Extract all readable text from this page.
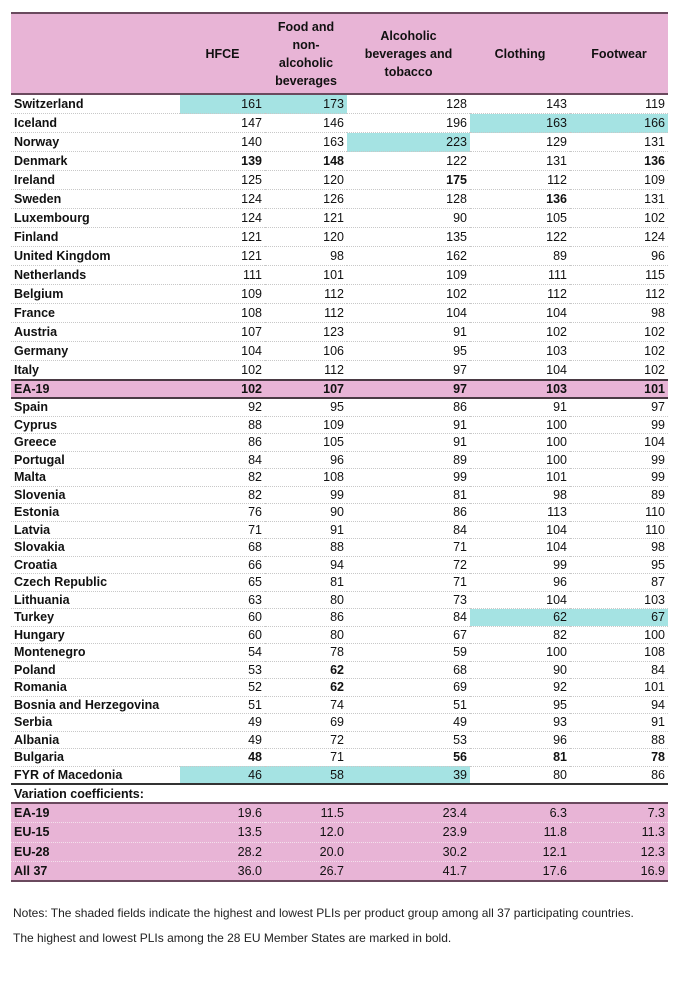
	HFCE	Food and non-alcoholic beverages	Alcoholic beverages and tobacco	Clothing	Footwear
Switzerland	161	173	128	143	119
Iceland	147	146	196	163	166
Norway	140	163	223	129	131
Denmark	139	148	122	131	136
Ireland	125	120	175	112	109
Sweden	124	126	128	136	131
Luxembourg	124	121	90	105	102
Finland	121	120	135	122	124
United Kingdom	121	98	162	89	96
Netherlands	111	101	109	111	115
Belgium	109	112	102	112	112
France	108	112	104	104	98
Austria	107	123	91	102	102
Germany	104	106	95	103	102
Italy	102	112	97	104	102
EA-19	102	107	97	103	101
Spain	92	95	86	91	97
Cyprus	88	109	91	100	99
Greece	86	105	91	100	104
Portugal	84	96	89	100	99
Malta	82	108	99	101	99
Slovenia	82	99	81	98	89
Estonia	76	90	86	113	110
Latvia	71	91	84	104	110
Slovakia	68	88	71	104	98
Croatia	66	94	72	99	95
Czech Republic	65	81	71	96	87
Lithuania	63	80	73	104	103
Turkey	60	86	84	62	67
Hungary	60	80	67	82	100
Montenegro	54	78	59	100	108
Poland	53	62	68	90	84
Romania	52	62	69	92	101
Bosnia and Herzegovina	51	74	51	95	94
Serbia	49	69	49	93	91
Albania	49	72	53	96	88
Bulgaria	48	71	56	81	78
FYR of Macedonia	46	58	39	80	86
Variation coefficients:					
EA-19	19.6	11.5	23.4	6.3	7.3
EU-15	13.5	12.0	23.9	11.8	11.3
EU-28	28.2	20.0	30.2	12.1	12.3
All 37	36.0	26.7	41.7	17.6	16.9

Notes: The shaded fields indicate the highest and lowest PLIs per product group among all 37 participating countries.

The highest and lowest PLIs among the 28 EU Member States are marked in bold.
